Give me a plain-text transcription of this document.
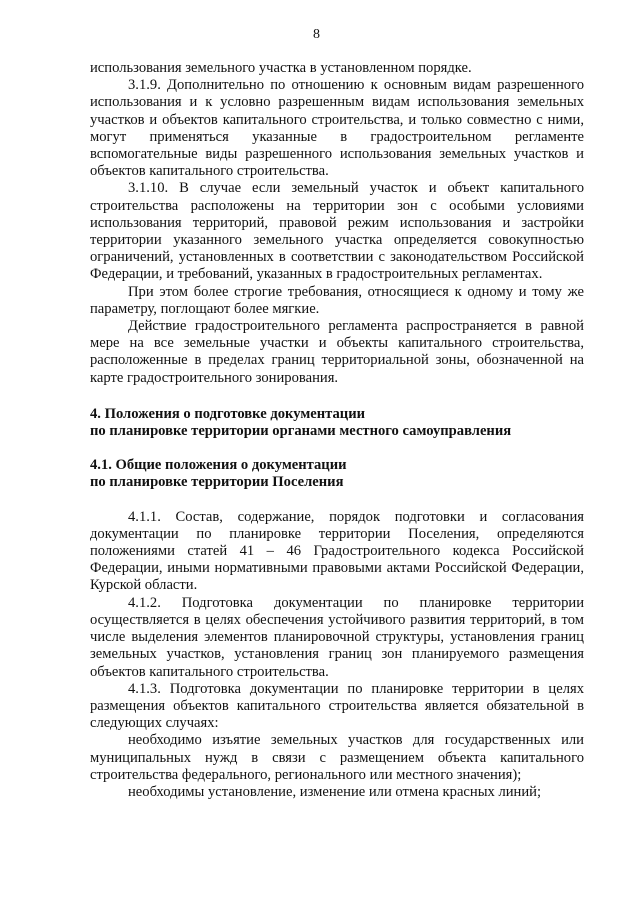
8

использования земельного участка в установленном порядке.

3.1.9. Дополнительно по отношению к основным видам разрешенного использования и к условно разрешенным видам использования земельных участков и объектов капитального строительства, и только совместно с ними, могут применяться указанные в градостроительном регламенте вспомогательные виды разрешенного использования земельных участков и объектов капитального строительства.

3.1.10. В случае если земельный участок и объект капитального строительства расположены на территории зон с особыми условиями использования территорий, правовой режим использования и застройки территории указанного земельного участка определяется совокупностью ограничений, установленных в соответствии с законодательством Российской Федерации, и требований, указанных в градостроительных регламентах.

При этом более строгие требования, относящиеся к одному и тому же параметру, поглощают более мягкие.

Действие градостроительного регламента распространяется в равной мере на все земельные участки и объекты капитального строительства, расположенные в пределах границ территориальной зоны, обозначенной на карте градостроительного зонирования.

4. Положения о подготовке документации

по планировке территории органами местного самоуправления

4.1. Общие положения о документации

по планировке территории Поселения

4.1.1. Состав, содержание, порядок подготовки и согласования документации по планировке территории Поселения, определяются положениями статей 41 – 46 Градостроительного кодекса Российской Федерации, иными нормативными правовыми актами Российской Федерации, Курской области.

4.1.2. Подготовка документации по планировке территории осуществляется в целях обеспечения устойчивого развития территорий, в том числе выделения элементов планировочной структуры, установления границ земельных участков, установления границ зон планируемого размещения объектов капитального строительства.

4.1.3. Подготовка документации по планировке территории в целях размещения объектов капитального строительства является обязательной в следующих случаях:

необходимо изъятие земельных участков для государственных или муниципальных нужд в связи с размещением объекта капитального строительства федерального, регионального или местного значения);

необходимы установление, изменение или отмена красных линий;
